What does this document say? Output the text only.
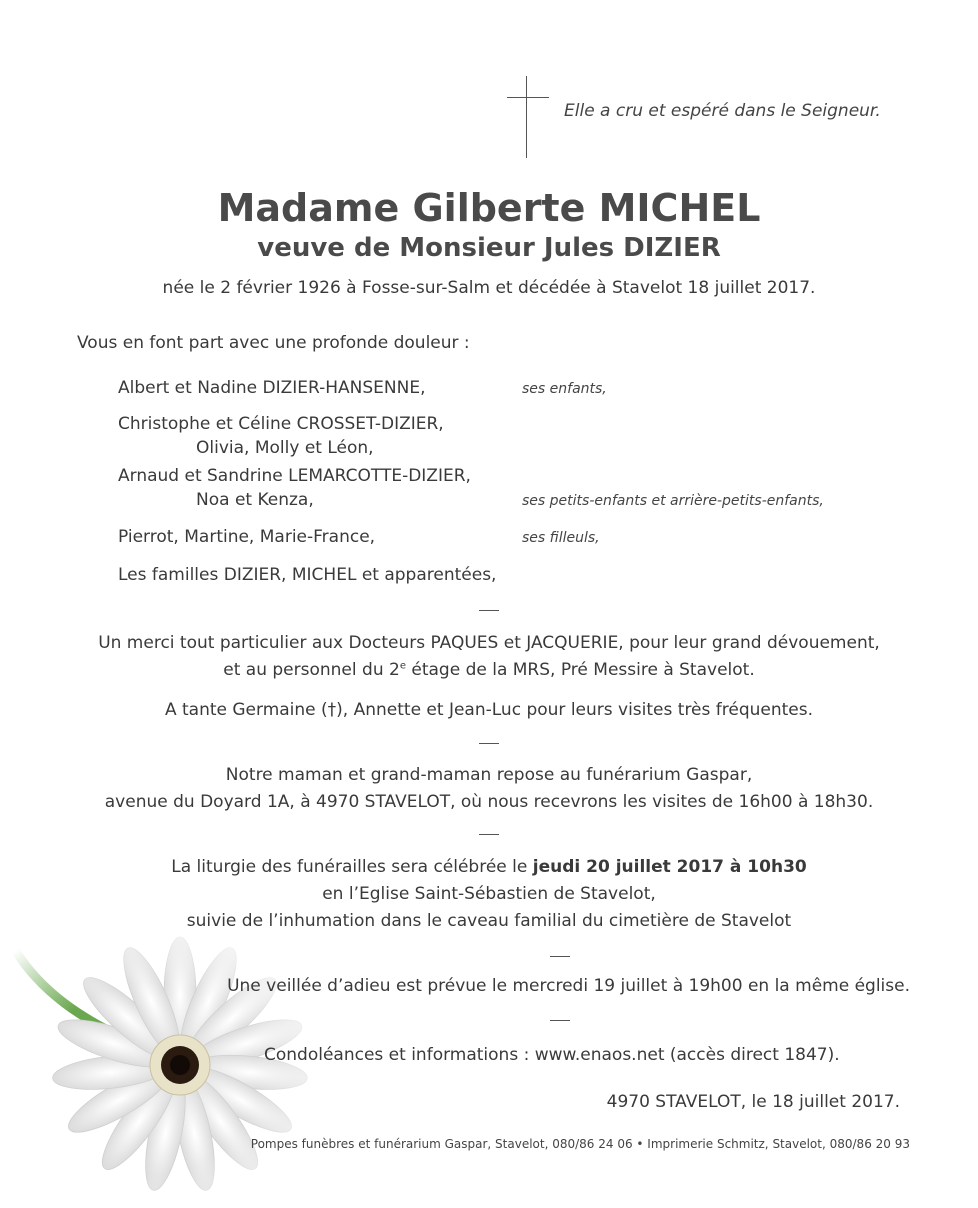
Elle a cru et espéré dans le Seigneur.
Madame Gilberte MICHEL
veuve de Monsieur Jules DIZIER
née le 2 février 1926 à Fosse-sur-Salm et décédée à Stavelot 18 juillet 2017.
Vous en font part avec une profonde douleur :
Albert et Nadine DIZIER-HANSENNE,	ses enfants,
Christophe et Céline CROSSET-DIZIER,
Olivia, Molly et Léon,
Arnaud et Sandrine LEMARCOTTE-DIZIER,
Noa et Kenza,	ses petits-enfants et arrière-petits-enfants,
Pierrot, Martine, Marie-France,	ses filleuls,
Les familles DIZIER, MICHEL et apparentées,
Un merci tout particulier aux Docteurs PAQUES et JACQUERIE, pour leur grand dévouement,
et au personnel du 2e étage de la MRS, Pré Messire à Stavelot.
A tante Germaine (†), Annette et Jean-Luc pour leurs visites très fréquentes.
Notre maman et grand-maman repose au funérarium Gaspar,
avenue du Doyard 1A, à 4970 STAVELOT, où nous recevrons les visites de 16h00 à 18h30.
La liturgie des funérailles sera célébrée le jeudi 20 juillet 2017 à 10h30
en l’Eglise Saint-Sébastien de Stavelot,
suivie de l’inhumation dans le caveau familial du cimetière de Stavelot
Une veillée d’adieu est prévue le mercredi 19 juillet à 19h00 en la même église.
Condoléances et informations : www.enaos.net (accès direct 1847).
4970 STAVELOT, le 18 juillet 2017.
Pompes funèbres et funérarium Gaspar, Stavelot, 080/86 24 06 • Imprimerie Schmitz, Stavelot, 080/86 20 93
